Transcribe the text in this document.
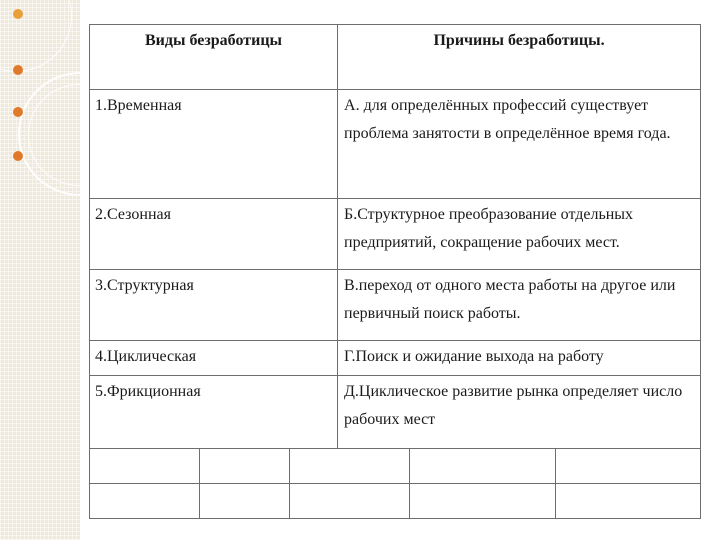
Виды безработицы			Причины безработицы.		

1.Временная			А. для определённых профессий существует проблема занятости в определённое время года.		

2.Сезонная			Б.Структурное преобразование отдельных предприятий, сокращение рабочих мест.		

3.Структурная			В.переход от одного места работы на другое или первичный поиск работы.		

4.Циклическая			Г.Поиск и ожидание выхода на работу		

5.Фрикционная			Д.Циклическое развитие рынка определяет число рабочих мест		
